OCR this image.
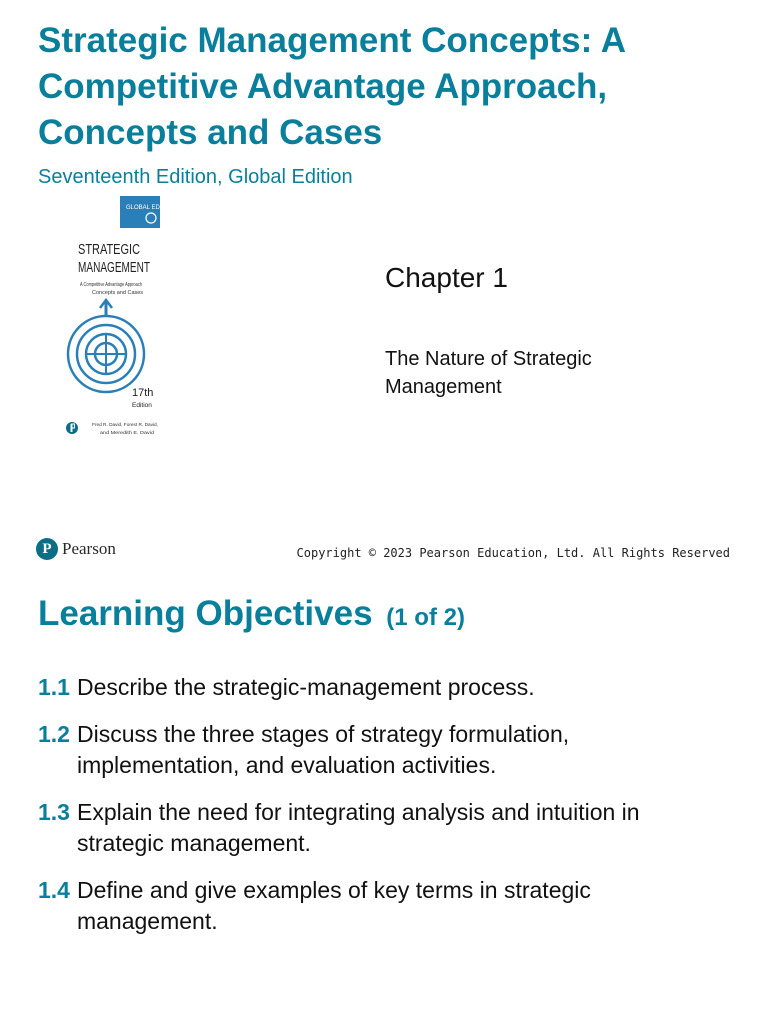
Strategic Management Concepts: A Competitive Advantage Approach, Concepts and Cases
Seventeenth Edition, Global Edition
GLOBAL EDITION
STRATEGIC
MANAGEMENT
A Competitive Advantage Approach
Concepts and Cases
17th
Edition
Fred R. David, Forest R. David,
and Meredith E. David
Chapter 1
The Nature of Strategic Management
P Pearson	Copyright © 2023 Pearson Education, Ltd. All Rights Reserved
Learning Objectives (1 of 2)
1.1 Describe the strategic-management process.
1.2 Discuss the three stages of strategy formulation, implementation, and evaluation activities.
1.3 Explain the need for integrating analysis and intuition in strategic management.
1.4 Define and give examples of key terms in strategic management.
